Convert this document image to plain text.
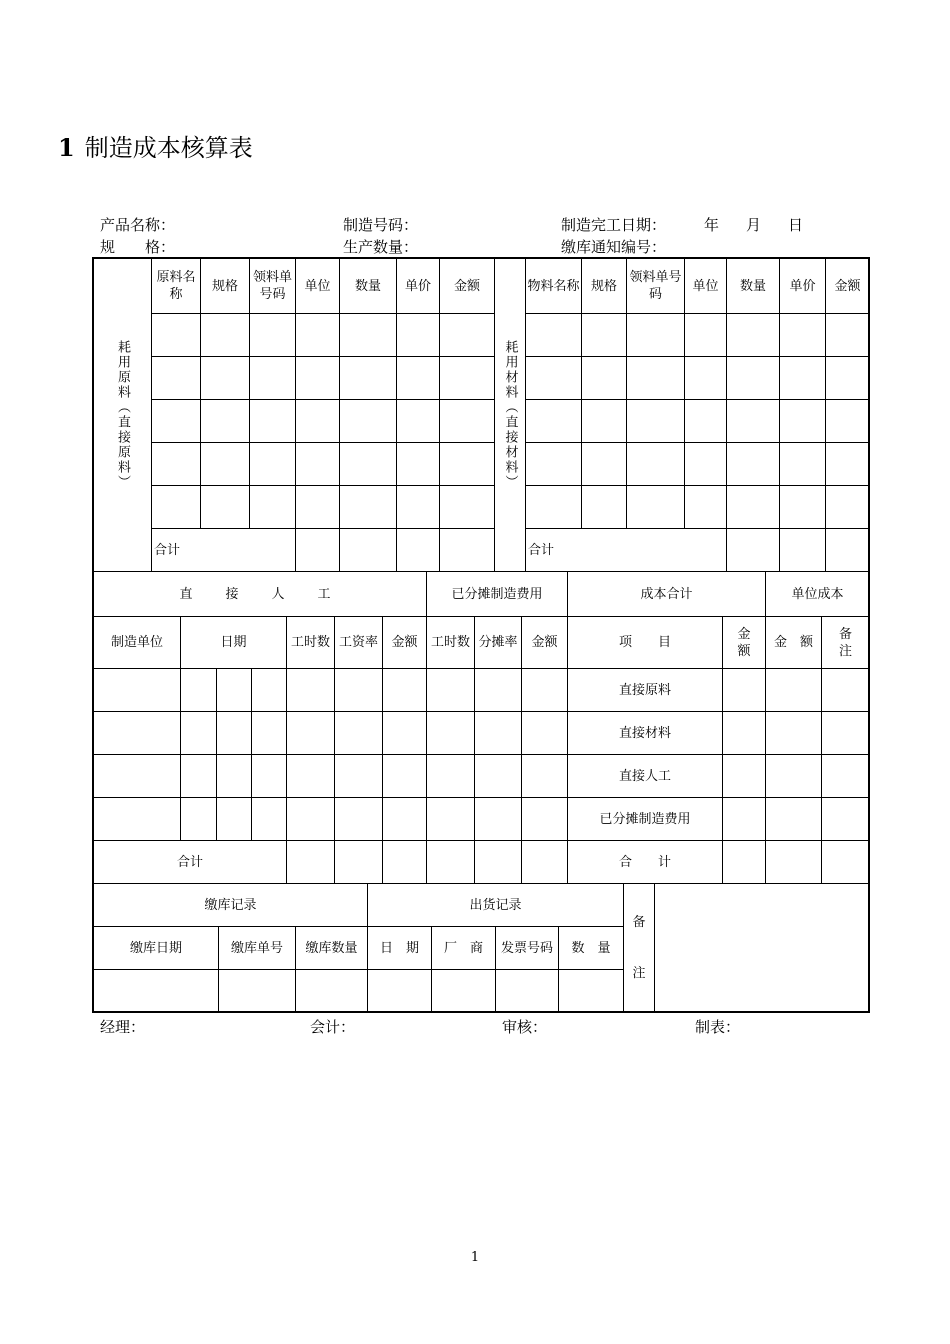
1 制造成本核算表
产品名称：
规　　格：
制造号码：
生产数量：
制造完工日期：	年 月 日
缴库通知编号：
耗用原料（直接原料）	原料名称	规格	领料单号码	单位	数量	单价	金额	耗用材料（直接材料）	物料名称	规格	领料单号码	单位	数量	单价	金额

	合计								合计						
直　接　人　工							已分摊制造费用			成本合计		单位成本	
制造单位	日期			工时数	工资率	金额	工时数	分摊率	金额	项　　目	金额	金　额	备注

										直接原料			
										直接材料			
										直接人工			
										已分摊制造费用			
合计										合　　计			
缴库记录			出货记录				备
注	

缴库日期	缴库单号	缴库数量	日　期	厂　商	发票号码	数　量		

经理：	会计：	审核：	制表：
1
